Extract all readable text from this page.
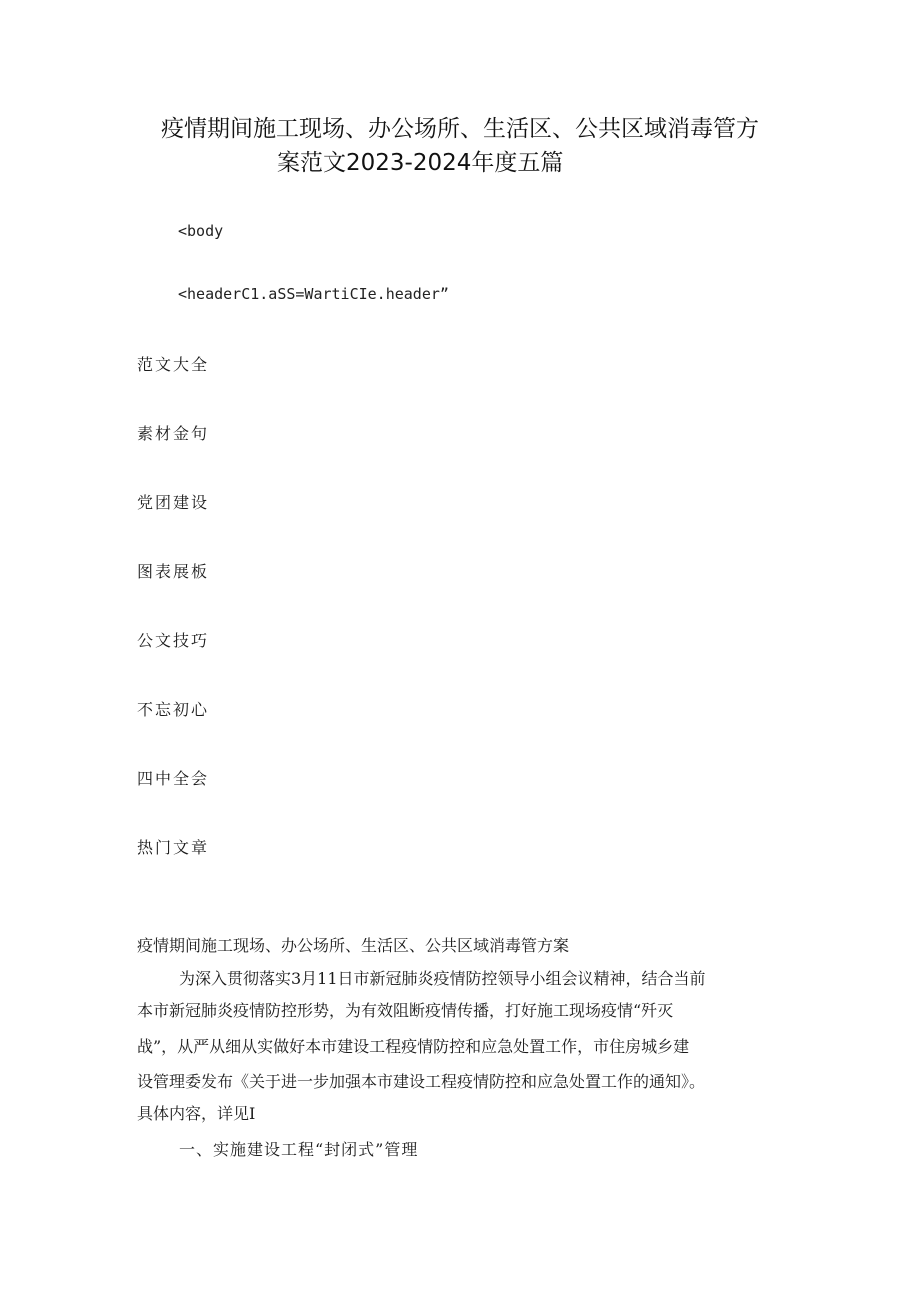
疫情期间施工现场、办公场所、生活区、公共区域消毒管方
案范文2023-2024年度五篇
<body
<headerC1.aSS=WartiCIe.header”
范文大全
素材金句
党团建设
图表展板
公文技巧
不忘初心
四中全会
热门文章
疫情期间施工现场、办公场所、生活区、公共区域消毒管方案
为深入贯彻落实3月11日市新冠肺炎疫情防控领导小组会议精神，结合当前
本市新冠肺炎疫情防控形势，为有效阻断疫情传播，打好施工现场疫情“歼灭
战”，从严从细从实做好本市建设工程疫情防控和应急处置工作，市住房城乡建
设管理委发布《关于进一步加强本市建设工程疫情防控和应急处置工作的通知》。
具体内容，详见I
一、实施建设工程“封闭式”管理
